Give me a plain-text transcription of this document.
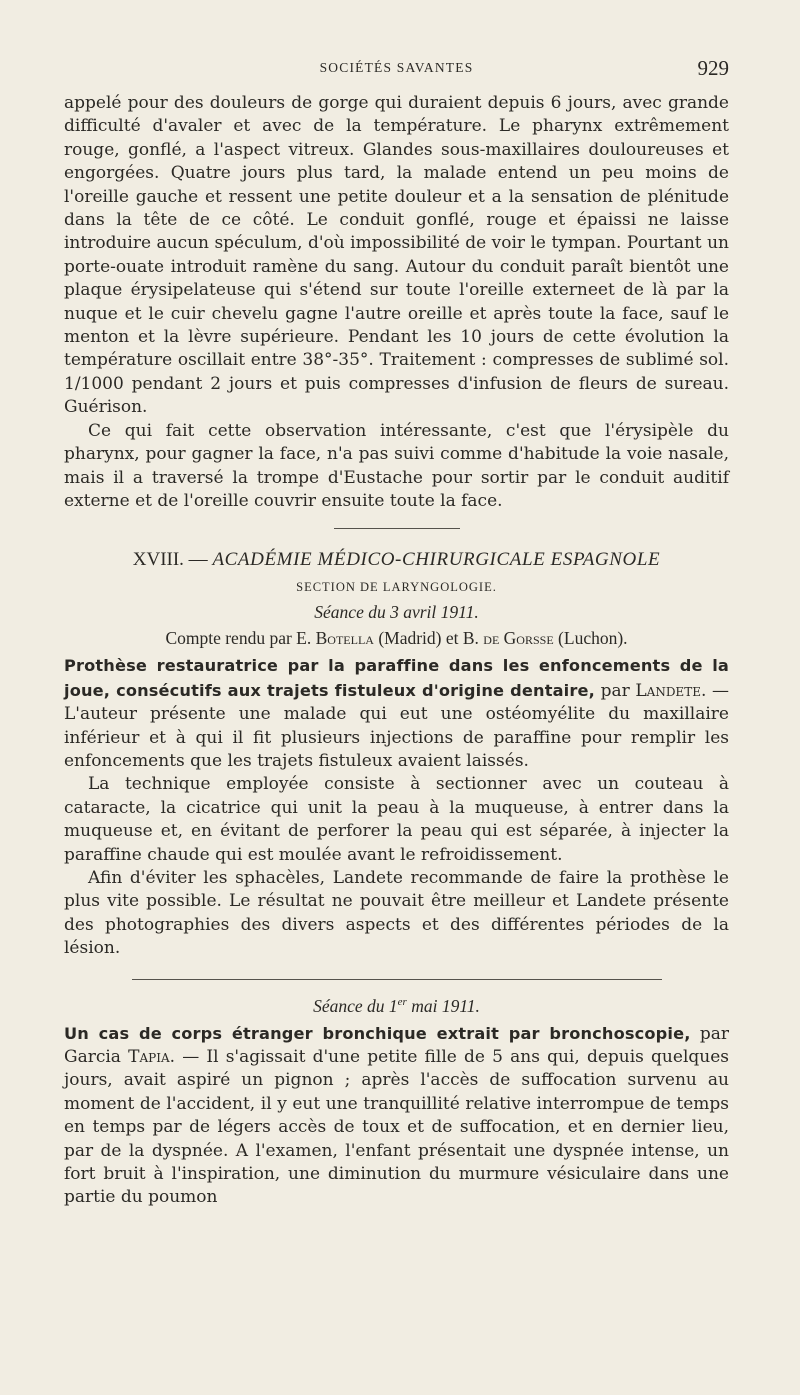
SOCIÉTÉS SAVANTES	929

appelé pour des douleurs de gorge qui duraient depuis 6 jours, avec grande difficulté d'avaler et avec de la température. Le pharynx extrêmement rouge, gonflé, a l'aspect vitreux. Glandes sous-maxillaires douloureuses et engorgées. Quatre jours plus tard, la malade entend un peu moins de l'oreille gauche et ressent une petite douleur et a la sensation de plénitude dans la tête de ce côté. Le conduit gonflé, rouge et épaissi ne laisse introduire aucun spéculum, d'où impossibilité de voir le tympan. Pourtant un porte-ouate introduit ramène du sang. Autour du conduit paraît bientôt une plaque érysipelateuse qui s'étend sur toute l'oreille externeet de là par la nuque et le cuir chevelu gagne l'autre oreille et après toute la face, sauf le menton et la lèvre supérieure. Pendant les 10 jours de cette évolution la température oscillait entre 38°-35°. Traitement : compresses de sublimé sol. 1/1000 pendant 2 jours et puis compresses d'infusion de fleurs de sureau. Guérison.

Ce qui fait cette observation intéressante, c'est que l'érysipèle du pharynx, pour gagner la face, n'a pas suivi comme d'habitude la voie nasale, mais il a traversé la trompe d'Eustache pour sortir par le conduit auditif externe et de l'oreille couvrir ensuite toute la face.

XVIII. — ACADÉMIE MÉDICO-CHIRURGICALE ESPAGNOLE

SECTION DE LARYNGOLOGIE.

Séance du 3 avril 1911.

Compte rendu par E. Botella (Madrid) et B. de Gorsse (Luchon).

Prothèse restauratrice par la paraffine dans les enfoncements de la joue, consécutifs aux trajets fistuleux d'origine dentaire, par Landete. — L'auteur présente une malade qui eut une ostéomyélite du maxillaire inférieur et à qui il fit plusieurs injections de paraffine pour remplir les enfoncements que les trajets fistuleux avaient laissés.

La technique employée consiste à sectionner avec un couteau à cataracte, la cicatrice qui unit la peau à la muqueuse, à entrer dans la muqueuse et, en évitant de perforer la peau qui est séparée, à injecter la paraffine chaude qui est moulée avant le refroidissement.

Afin d'éviter les sphacèles, Landete recommande de faire la prothèse le plus vite possible. Le résultat ne pouvait être meilleur et Landete présente des photographies des divers aspects et des différentes périodes de la lésion.

Séance du 1er mai 1911.

Un cas de corps étranger bronchique extrait par bronchoscopie, par Garcia Tapia. — Il s'agissait d'une petite fille de 5 ans qui, depuis quelques jours, avait aspiré un pignon ; après l'accès de suffocation survenu au moment de l'accident, il y eut une tranquillité relative interrompue de temps en temps par de légers accès de toux et de suffocation, et en dernier lieu, par de la dyspnée. A l'examen, l'enfant présentait une dyspnée intense, un fort bruit à l'inspiration, une diminution du murmure vésiculaire dans une partie du poumon
